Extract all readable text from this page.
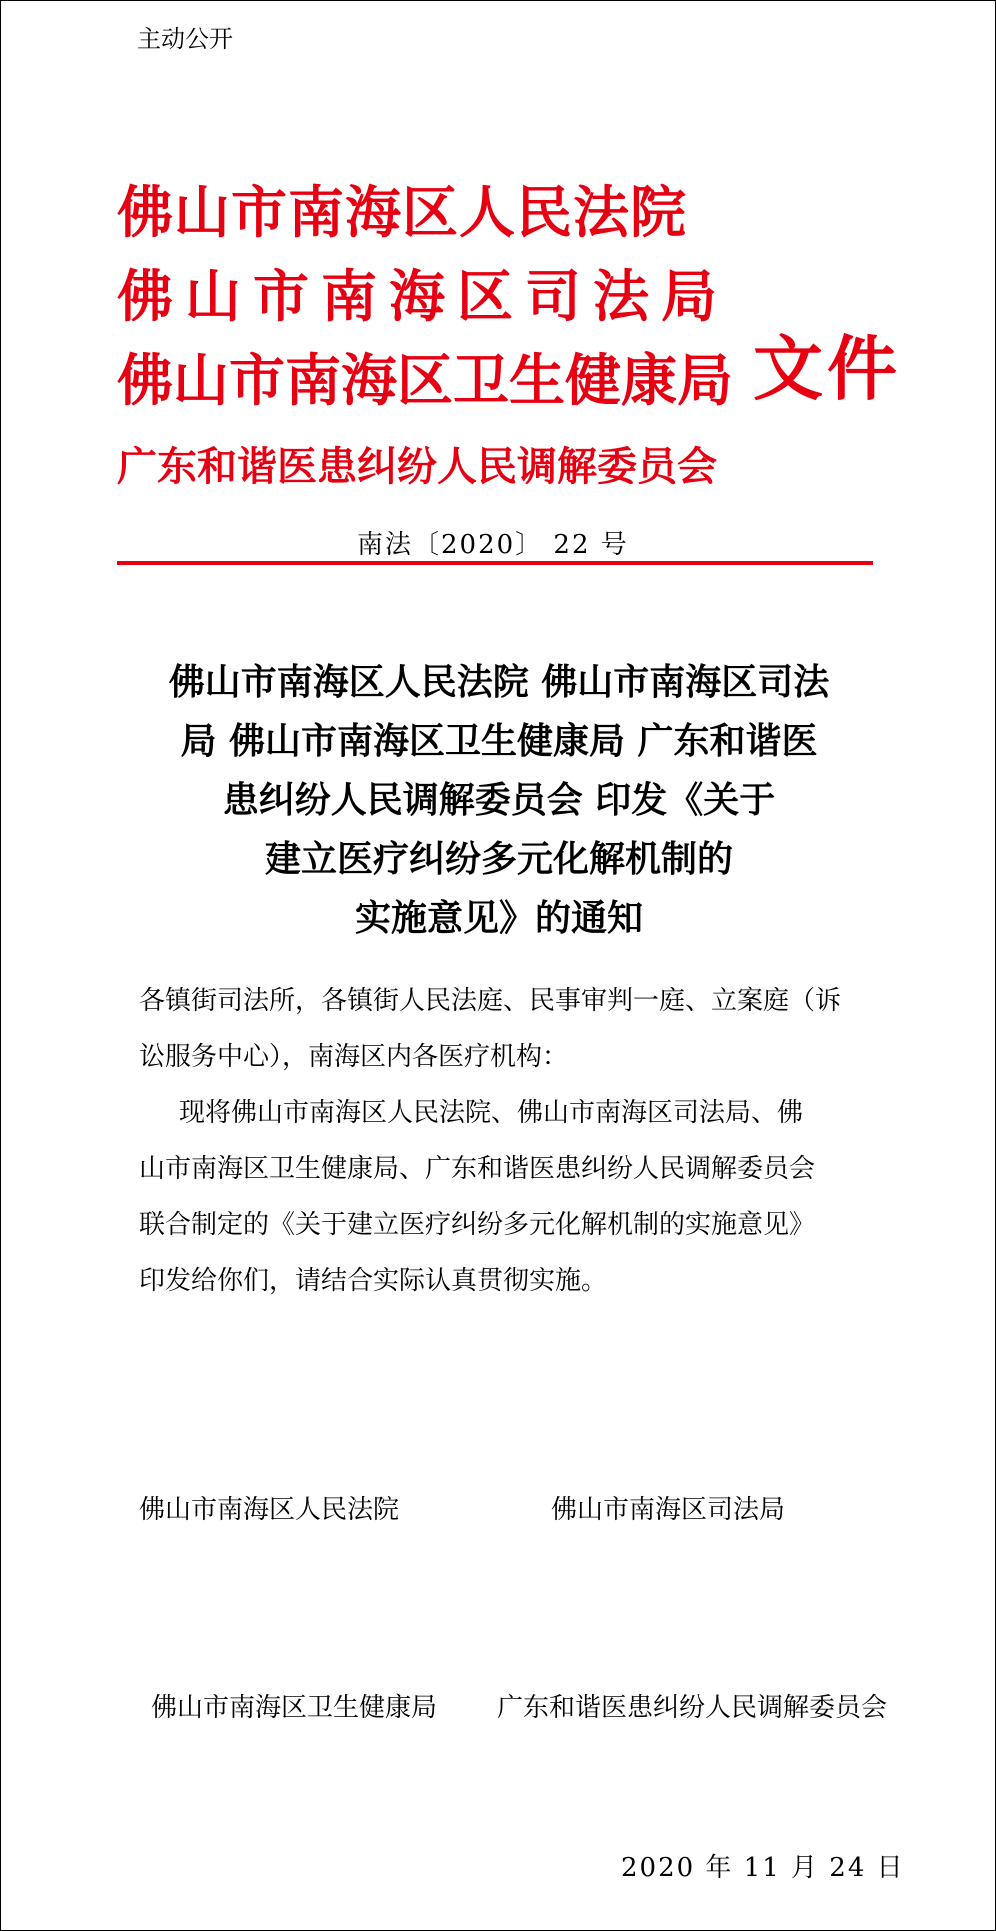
主动公开
佛山市南海区人民法院
佛山市南海区司法局
佛山市南海区卫生健康局
广东和谐医患纠纷人民调解委员会
文件
南法〔2020〕 22 号
佛山市南海区人民法院 佛山市南海区司法
局 佛山市南海区卫生健康局 广东和谐医
患纠纷人民调解委员会 印发《关于
建立医疗纠纷多元化解机制的
实施意见》的通知
各镇街司法所，各镇街人民法庭、民事审判一庭、立案庭（诉
讼服务中心），南海区内各医疗机构：
现将佛山市南海区人民法院、佛山市南海区司法局、佛
山市南海区卫生健康局、广东和谐医患纠纷人民调解委员会
联合制定的《关于建立医疗纠纷多元化解机制的实施意见》
印发给你们，请结合实际认真贯彻实施。
佛山市南海区人民法院	佛山市南海区司法局
佛山市南海区卫生健康局 广东和谐医患纠纷人民调解委员会
2020 年 11 月 24 日
